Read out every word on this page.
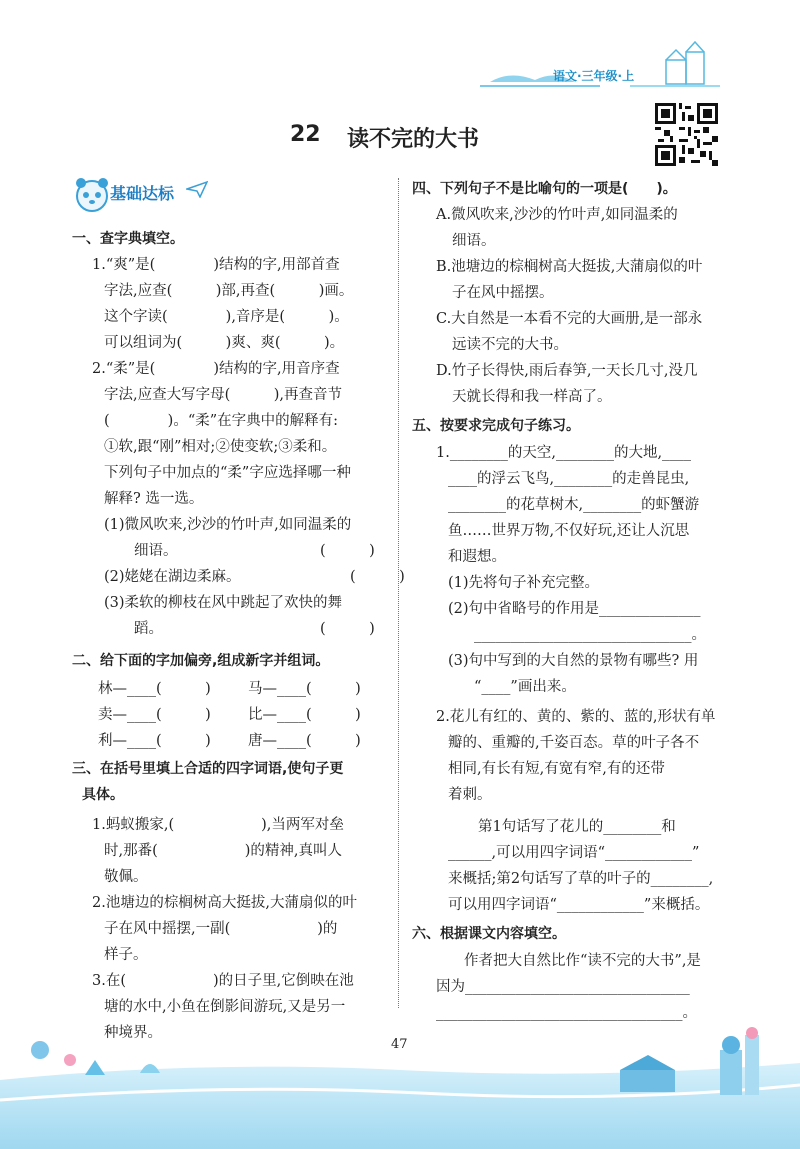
语文·三年级·上
22 读不完的大书
基础达标
一、查字典填空。
1.“爽”是(　　　　)结构的字,用部首查
字法,应查(　　　)部,再查(　　　)画。
这个字读(　　　　),音序是(　　　)。
可以组词为(　　　)爽、爽(　　　)。
2.“柔”是(　　　　)结构的字,用音序查
字法,应查大写字母(　　　),再查音节
(　　　　)。“柔”在字典中的解释有:
①软,跟“刚”相对;②使变软;③柔和。
下列句子中加点的“柔”字应选择哪一种
解释? 选一选。
(1)微风吹来,沙沙的竹叶声,如同温柔的
细语。	(　　　)
(2)姥姥在湖边柔麻。	(　　　)
(3)柔软的柳枝在风中跳起了欢快的舞
蹈。	(　　　)
二、给下面的字加偏旁,组成新字并组词。
林—____(　　　)	马—____(　　　)
卖—____(　　　)	比—____(　　　)
利—____(　　　)	唐—____(　　　)
三、在括号里填上合适的四字词语,使句子更
具体。
1.蚂蚁搬家,(　　　　　　),当两军对垒
时,那番(　　　　　　)的精神,真叫人
敬佩。
2.池塘边的棕榈树高大挺拔,大蒲扇似的叶
子在风中摇摆,一副(　　　　　　)的
样子。
3.在(　　　　　　)的日子里,它倒映在池
塘的水中,小鱼在倒影间游玩,又是另一
种境界。
四、下列句子不是比喻句的一项是(　　)。
A.微风吹来,沙沙的竹叶声,如同温柔的
细语。
B.池塘边的棕榈树高大挺拔,大蒲扇似的叶
子在风中摇摆。
C.大自然是一本看不完的大画册,是一部永
远读不完的大书。
D.竹子长得快,雨后春笋,一天长几寸,没几
天就长得和我一样高了。
五、按要求完成句子练习。
1.________的天空,________的大地,____
____的浮云飞鸟,________的走兽昆虫,
________的花草树木,________的虾蟹游
鱼……世界万物,不仅好玩,还让人沉思
和遐想。
(1)先将句子补充完整。
(2)句中省略号的作用是______________
______________________________。
(3)句中写到的大自然的景物有哪些? 用
“____”画出来。
2.花儿有红的、黄的、紫的、蓝的,形状有单
瓣的、重瓣的,千姿百态。草的叶子各不
相同,有长有短,有宽有窄,有的还带
着刺。
第1句话写了花儿的________和
______,可以用四字词语“____________”
来概括;第2句话写了草的叶子的________,
可以用四字词语“____________”来概括。
六、根据课文内容填空。
作者把大自然比作“读不完的大书”,是
因为_______________________________
__________________________________。
47
